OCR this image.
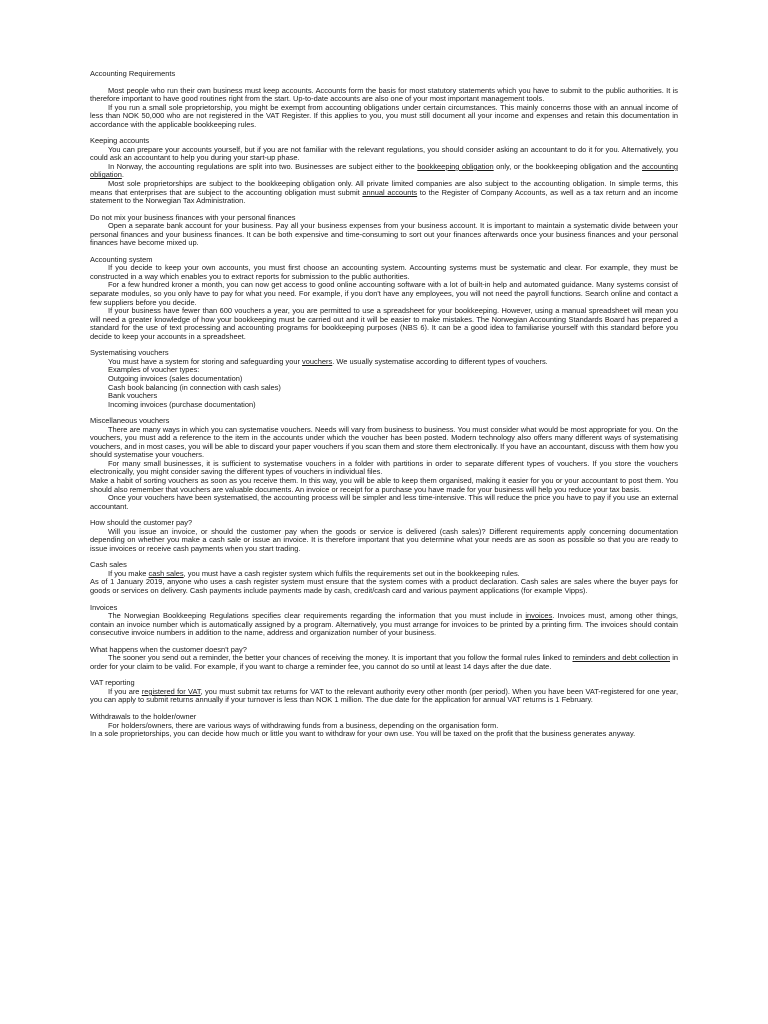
Accounting Requirements

Most people who run their own business must keep accounts. Accounts form the basis for most statutory statements which you have to submit to the public authorities. It is therefore important to have good routines right from the start. Up-to-date accounts are also one of your most important management tools.

If you run a small sole proprietorship, you might be exempt from accounting obligations under certain circumstances. This mainly concerns those with an annual income of less than NOK 50,000 who are not registered in the VAT Register. If this applies to you, you must still document all your income and expenses and retain this documentation in accordance with the applicable bookkeeping rules.

Keeping accounts

You can prepare your accounts yourself, but if you are not familiar with the relevant regulations, you should consider asking an accountant to do it for you. Alternatively, you could ask an accountant to help you during your start-up phase.

In Norway, the accounting regulations are split into two. Businesses are subject either to the bookkeeping obligation only, or the bookkeeping obligation and the accounting obligation.

Most sole proprietorships are subject to the bookkeeping obligation only. All private limited companies are also subject to the accounting obligation. In simple terms, this means that enterprises that are subject to the accounting obligation must submit annual accounts to the Register of Company Accounts, as well as a tax return and an income statement to the Norwegian Tax Administration.

Do not mix your business finances with your personal finances

Open a separate bank account for your business. Pay all your business expenses from your business account. It is important to maintain a systematic divide between your personal finances and your business finances. It can be both expensive and time-consuming to sort out your finances afterwards once your business finances and your personal finances have become mixed up.

Accounting system

If you decide to keep your own accounts, you must first choose an accounting system. Accounting systems must be systematic and clear. For example, they must be constructed in a way which enables you to extract reports for submission to the public authorities.

For a few hundred kroner a month, you can now get access to good online accounting software with a lot of built-in help and automated guidance. Many systems consist of separate modules, so you only have to pay for what you need. For example, if you don't have any employees, you will not need the payroll functions. Search online and contact a few suppliers before you decide.

If your business have fewer than 600 vouchers a year, you are permitted to use a spreadsheet for your bookkeeping. However, using a manual spreadsheet will mean you will need a greater knowledge of how your bookkeeping must be carried out and it will be easier to make mistakes. The Norwegian Accounting Standards Board has prepared a standard for the use of text processing and accounting programs for bookkeeping purposes (NBS 6). It can be a good idea to familiarise yourself with this standard before you decide to keep your accounts in a spreadsheet.

Systematising vouchers

You must have a system for storing and safeguarding your vouchers. We usually systematise according to different types of vouchers.

Examples of voucher types:
Outgoing invoices (sales documentation)
Cash book balancing (in connection with cash sales)
Bank vouchers
Incoming invoices (purchase documentation)
Miscellaneous vouchers

There are many ways in which you can systematise vouchers. Needs will vary from business to business. You must consider what would be most appropriate for you. On the vouchers, you must add a reference to the item in the accounts under which the voucher has been posted. Modern technology also offers many different ways of systematising vouchers, and in most cases, you will be able to discard your paper vouchers if you scan them and store them electronically. If you have an accountant, discuss with them how you should systematise your vouchers.

For many small businesses, it is sufficient to systematise vouchers in a folder with partitions in order to separate different types of vouchers. If you store the vouchers electronically, you might consider saving the different types of vouchers in individual files.

Make a habit of sorting vouchers as soon as you receive them. In this way, you will be able to keep them organised, making it easier for you or your accountant to post them. You should also remember that vouchers are valuable documents. An invoice or receipt for a purchase you have made for your business will help you reduce your tax basis.

Once your vouchers have been systematised, the accounting process will be simpler and less time-intensive. This will reduce the price you have to pay if you use an external accountant.

How should the customer pay?

Will you issue an invoice, or should the customer pay when the goods or service is delivered (cash sales)? Different requirements apply concerning documentation depending on whether you make a cash sale or issue an invoice. It is therefore important that you determine what your needs are as soon as possible so that you are ready to issue invoices or receive cash payments when you start trading.

Cash sales

If you make cash sales, you must have a cash register system which fulfils the requirements set out in the bookkeeping rules.

As of 1 January 2019, anyone who uses a cash register system must ensure that the system comes with a product declaration. Cash sales are sales where the buyer pays for goods or services on delivery. Cash payments include payments made by cash, credit/cash card and various payment applications (for example Vipps).

Invoices

The Norwegian Bookkeeping Regulations specifies clear requirements regarding the information that you must include in invoices. Invoices must, among other things, contain an invoice number which is automatically assigned by a program. Alternatively, you must arrange for invoices to be printed by a printing firm. The invoices should contain consecutive invoice numbers in addition to the name, address and organization number of your business.

What happens when the customer doesn't pay?

The sooner you send out a reminder, the better your chances of receiving the money. It is important that you follow the formal rules linked to reminders and debt collection in order for your claim to be valid. For example, if you want to charge a reminder fee, you cannot do so until at least 14 days after the due date.

VAT reporting

If you are registered for VAT, you must submit tax returns for VAT to the relevant authority every other month (per period). When you have been VAT-registered for one year, you can apply to submit returns annually if your turnover is less than NOK 1 million. The due date for the application for annual VAT returns is 1 February.

Withdrawals to the holder/owner

For holders/owners, there are various ways of withdrawing funds from a business, depending on the organisation form.

In a sole proprietorships, you can decide how much or little you want to withdraw for your own use. You will be taxed on the profit that the business generates anyway.
